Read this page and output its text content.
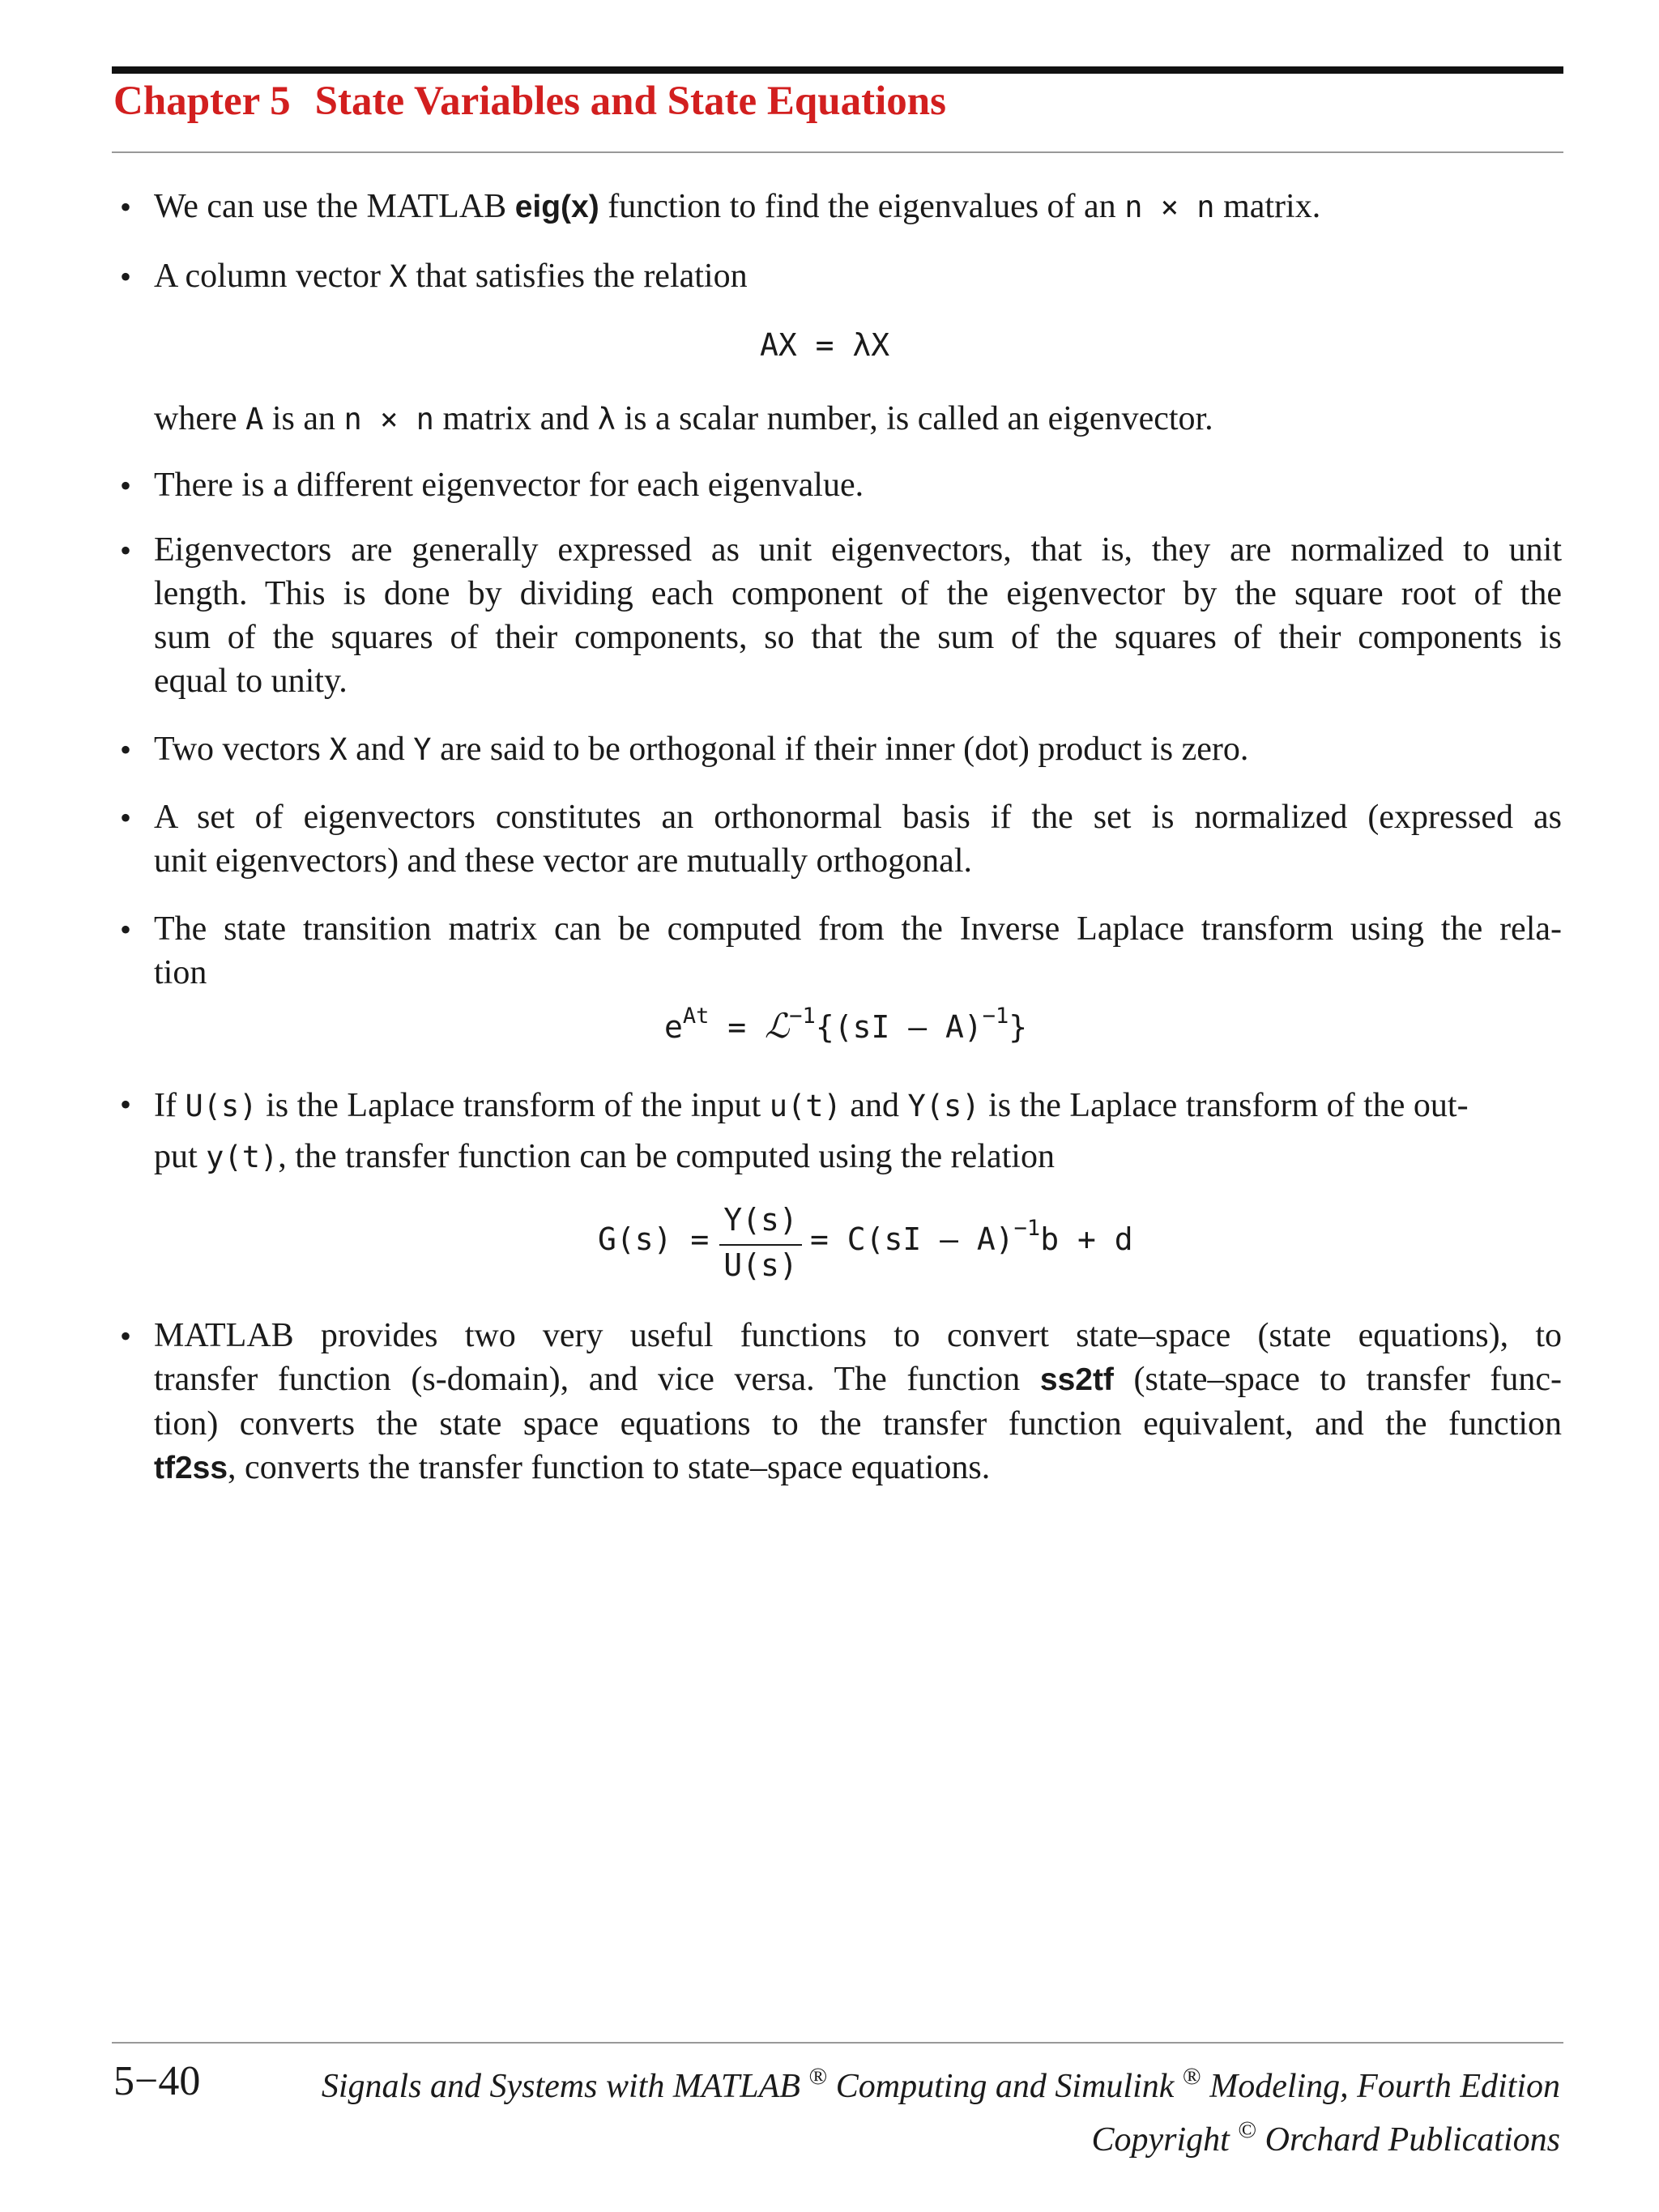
Chapter 5 State Variables and State Equations
• We can use the MATLAB eig(x) function to find the eigenvalues of an n × n matrix.
• A column vector X that satisfies the relation
AX = λX
where A is an n × n matrix and λ is a scalar number, is called an eigenvector.
• There is a different eigenvector for each eigenvalue.
• Eigenvectors are generally expressed as unit eigenvectors, that is, they are normalized to unit
length. This is done by dividing each component of the eigenvector by the square root of the
sum of the squares of their components, so that the sum of the squares of their components is
equal to unity.
• Two vectors X and Y are said to be orthogonal if their inner (dot) product is zero.
• A set of eigenvectors constitutes an orthonormal basis if the set is normalized (expressed as
unit eigenvectors) and these vector are mutually orthogonal.
• The state transition matrix can be computed from the Inverse Laplace transform using the rela-
tion
$e^{At}$ = ℒ$^{-1}${(sI – A)$^{-1}$}
• If U(s) is the Laplace transform of the input u(t) and Y(s) is the Laplace transform of the out-
put y(t), the transfer function can be computed using the relation
G(s) =
Y(s)
U(s)
= C(sI – A)$^{-1}$b + d
• MATLAB provides two very useful functions to convert state–space (state equations), to
transfer function (s-domain), and vice versa. The function ss2tf (state–space to transfer func-
tion) converts the state space equations to the transfer function equivalent, and the function
tf2ss, converts the transfer function to state–space equations.
5−40	Signals and Systems with MATLAB ® Computing and Simulink ® Modeling, Fourth Edition
Copyright © Orchard Publications
